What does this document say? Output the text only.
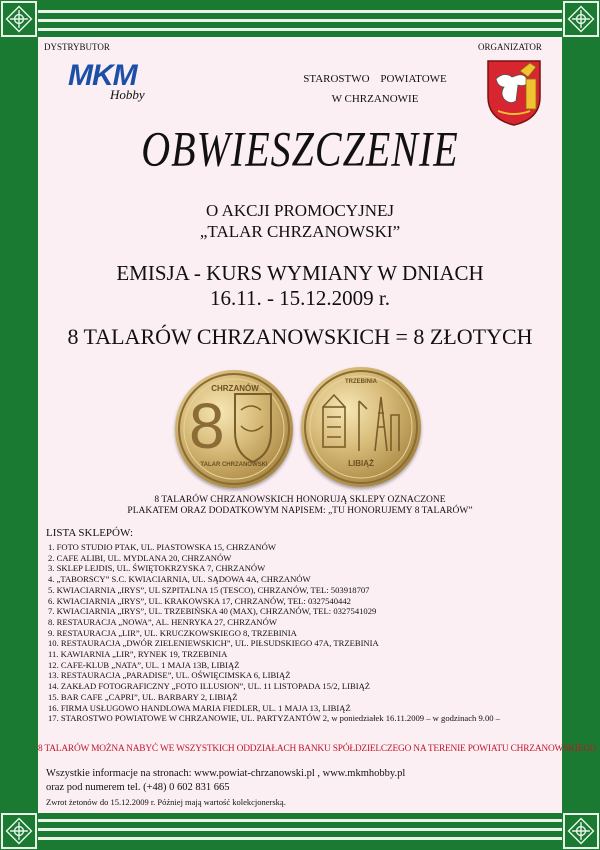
DYSTRYBUTOR	ORGANIZATOR
MKM
Hobby
STAROSTWO POWIATOWE
W CHRZANOWIE
OBWIESZCZENIE
O AKCJI PROMOCYJNEJ
„TALAR CHRZANOWSKI”
EMISJA - KURS WYMIANY W DNIACH
16.11. - 15.12.2009 r.
8 TALARÓW CHRZANOWSKICH = 8 ZŁOTYCH
CHRZANÓW
8
TALAR CHRZANOWSKI
TRZEBINIA
LIBIĄŻ
8 TALARÓW CHRZANOWSKICH HONORUJĄ SKLEPY OZNACZONE
PLAKATEM ORAZ DODATKOWYM NAPISEM: „TU HONORUJEMY 8 TALARÓW”
LISTA SKLEPÓW:
1. FOTO STUDIO PTAK, UL. PIASTOWSKA 15, CHRZANÓW
2. CAFE ALIBI, UL. MYDLANA 20, CHRZANÓW
3. SKLEP LEJDIS, UL. ŚWIĘTOKRZYSKA 7, CHRZANÓW
4. „TABORSCY” S.C. KWIACIARNIA, UL. SĄDOWA 4A, CHRZANÓW
5. KWIACIARNIA „IRYS”, UL SZPITALNA 15 (TESCO), CHRZANÓW, TEL: 503918707
6. KWIACIARNIA „IRYS”, UL. KRAKOWSKA 17, CHRZANÓW, TEL: 0327540442
7. KWIACIARNIA „IRYS”, UL. TRZEBIŃSKA 40 (MAX), CHRZANÓW, TEL: 0327541029
8. RESTAURACJA „NOWA”, AL. HENRYKA 27, CHRZANÓW
9. RESTAURACJA „LIR”, UL. KRUCZKOWSKIEGO 8, TRZEBINIA
10. RESTAURACJA „DWÓR ZIELENIEWSKICH”, UL. PIŁSUDSKIEGO 47A, TRZEBINIA
11. KAWIARNIA „LIR”, RYNEK 19, TRZEBINIA
12. CAFE-KLUB „NATA”, UL. 1 MAJA 13B, LIBIĄŻ
13. RESTAURACJA „PARADISE”, UL. OŚWIĘCIMSKA 6, LIBIĄŻ
14. ZAKŁAD FOTOGRAFICZNY „FOTO ILLUSION”, UL. 11 LISTOPADA 15/2, LIBIĄŻ
15. BAR CAFE „CAPRI”, UL. BARBARY 2, LIBIĄŻ
16. FIRMA USŁUGOWO HANDLOWA MARIA FIEDLER, UL. 1 MAJA 13, LIBIĄŻ
17. STAROSTWO POWIATOWE W CHRZANOWIE, UL. PARTYZANTÓW 2, w poniedziałek 16.11.2009 – w godzinach 9.00 –
8 TALARÓW MOŻNA NABYĆ WE WSZYSTKICH ODDZIAŁACH BANKU SPÓŁDZIELCZEGO NA TERENIE POWIATU CHRZANOWSKIEGO
Wszystkie informacje na stronach: www.powiat-chrzanowski.pl , www.mkmhobby.pl
oraz pod numerem tel. (+48) 0 602 831 665
Zwrot żetonów do 15.12.2009 r. Później mają wartość kolekcjonerską.
